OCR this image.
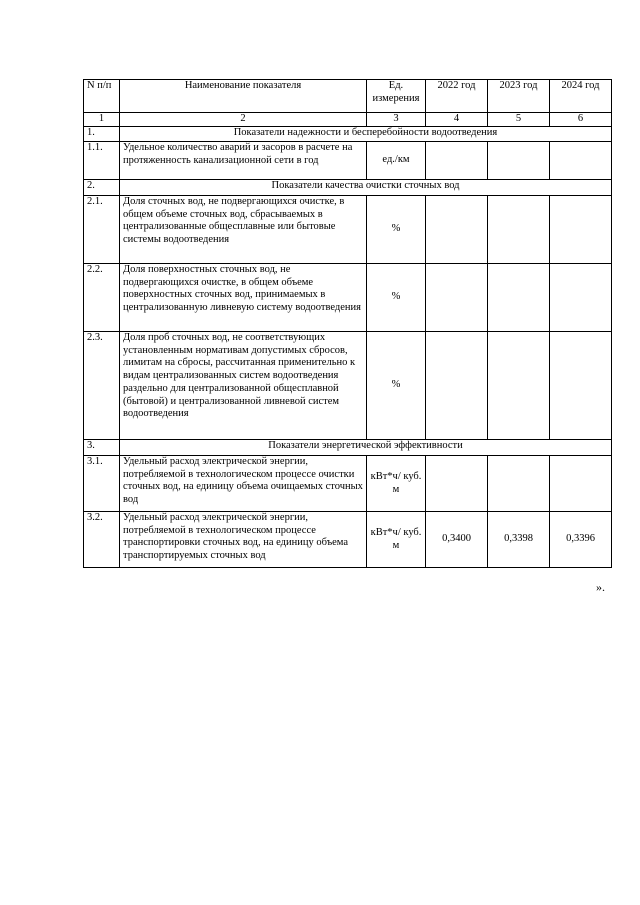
N п/п	Наименование показателя	Ед. измерения	2022 год	2023 год	2024 год
1	2	3	4	5	6
1.	Показатели надежности и бесперебойности водоотведения				
1.1.	Удельное количество аварий и засоров в расчете на протяженность канализационной сети в год	ед./км			
2.	Показатели качества очистки сточных вод				
2.1.	Доля сточных вод, не подвергающихся очистке, в общем объеме сточных вод, сбрасываемых в централизованные общесплавные или бытовые системы водоотведения	%			
2.2.	Доля поверхностных сточных вод, не подвергающихся очистке, в общем объеме поверхностных сточных вод, принимаемых в централизованную ливневую систему водоотведения	%			
2.3.	Доля проб сточных вод, не соответствующих установленным нормативам допустимых сбросов, лимитам на сбросы, рассчитанная применительно к видам централизованных систем водоотведения раздельно для централизованной общесплавной (бытовой) и централизованной ливневой систем водоотведения	%			
3.	Показатели энергетической эффективности				
3.1.	Удельный расход электрической энергии, потребляемой в технологическом процессе очистки сточных вод, на единицу объема очищаемых сточных вод	кВт*ч/ куб. м			
3.2.	Удельный расход электрической энергии, потребляемой в технологическом процессе транспортировки сточных вод, на единицу объема транспортируемых сточных вод	кВт*ч/ куб. м	0,3400	0,3398	0,3396
».
